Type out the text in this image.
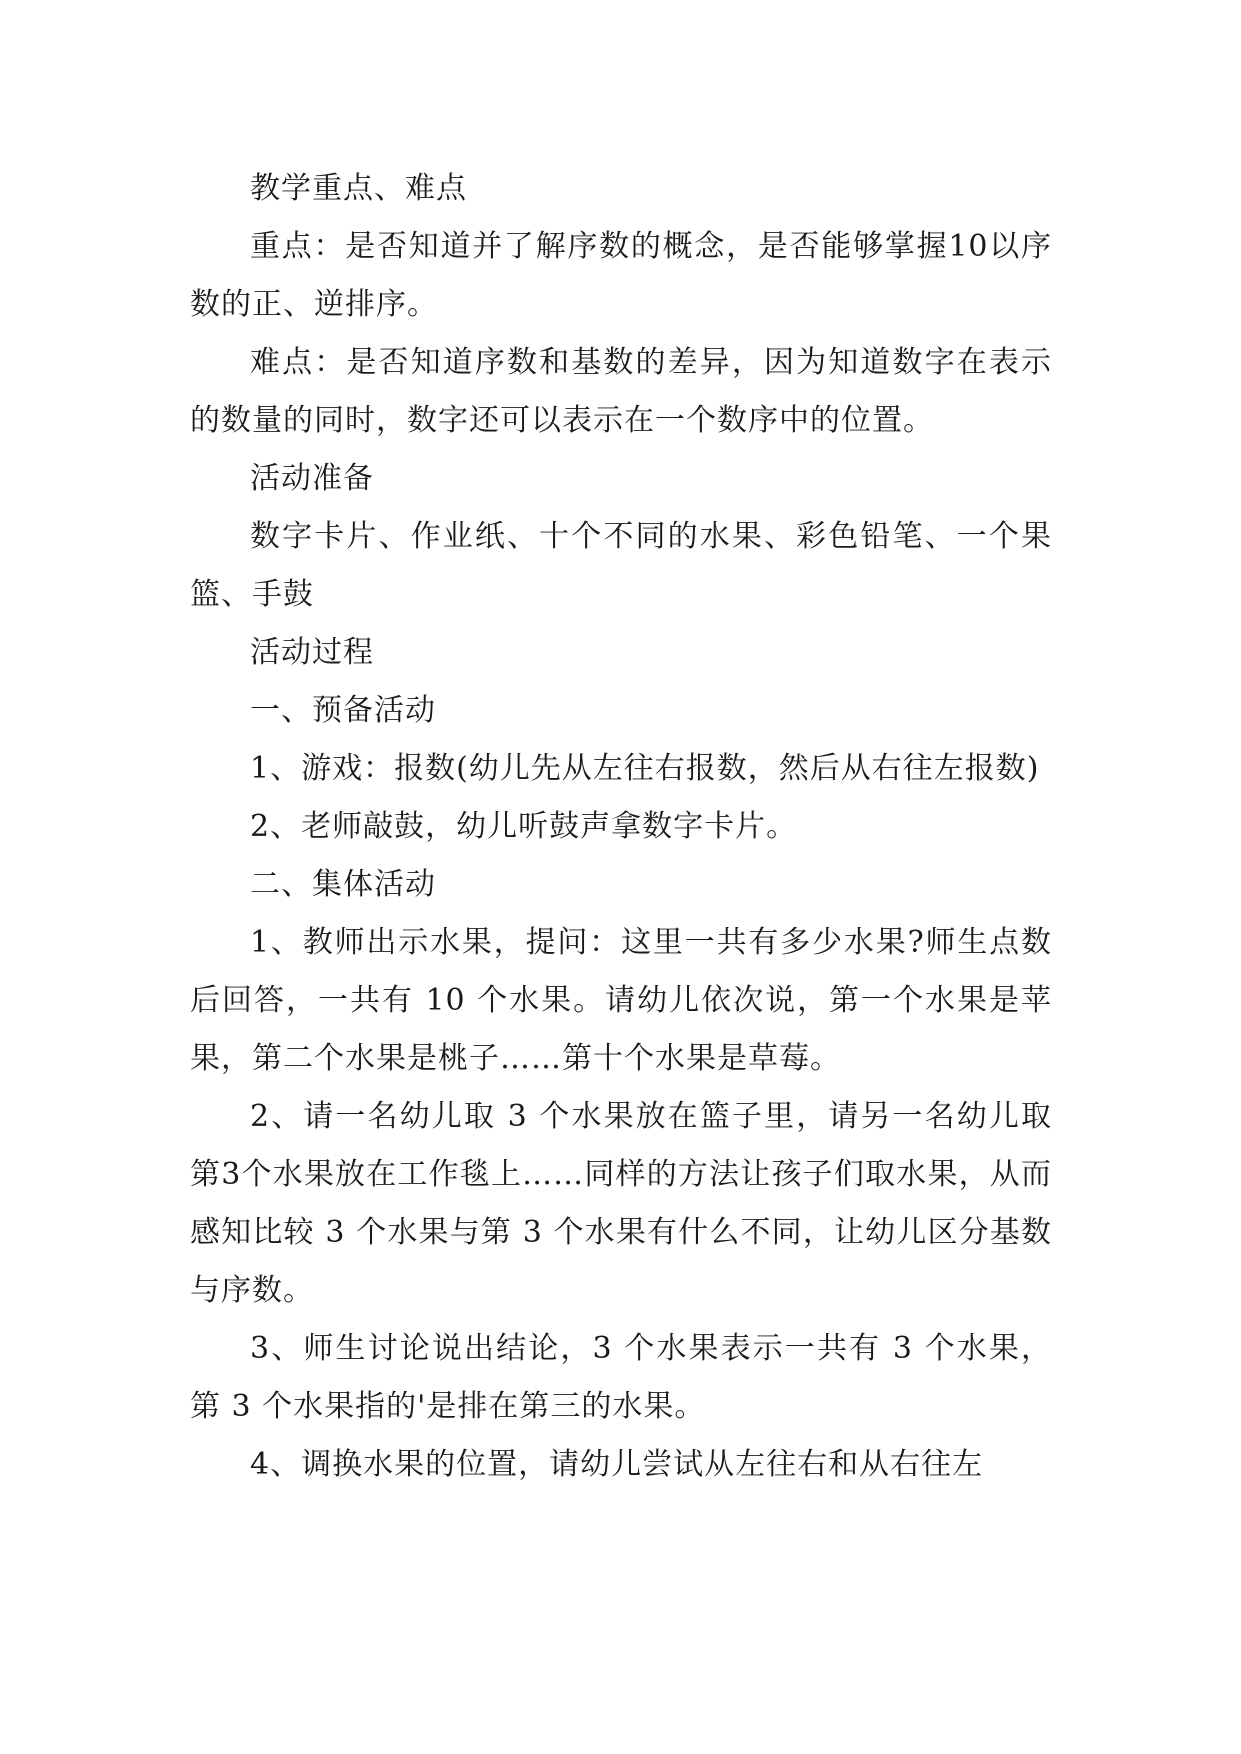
教学重点、难点

重点：是否知道并了解序数的概念，是否能够掌握10以序数的正、逆排序。

难点：是否知道序数和基数的差异，因为知道数字在表示的数量的同时，数字还可以表示在一个数序中的位置。

活动准备

数字卡片、作业纸、十个不同的水果、彩色铅笔、一个果篮、手鼓

活动过程

一、预备活动

1、游戏：报数(幼儿先从左往右报数，然后从右往左报数)

2、老师敲鼓，幼儿听鼓声拿数字卡片。

二、集体活动

1、教师出示水果，提问：这里一共有多少水果?师生点数后回答，一共有 10 个水果。请幼儿依次说，第一个水果是苹果，第二个水果是桃子……第十个水果是草莓。

2、请一名幼儿取 3 个水果放在篮子里，请另一名幼儿取第3个水果放在工作毯上……同样的方法让孩子们取水果，从而感知比较 3 个水果与第 3 个水果有什么不同，让幼儿区分基数与序数。

3、师生讨论说出结论，3 个水果表示一共有 3 个水果，第 3 个水果指的'是排在第三的水果。

4、调换水果的位置，请幼儿尝试从左往右和从右往左
